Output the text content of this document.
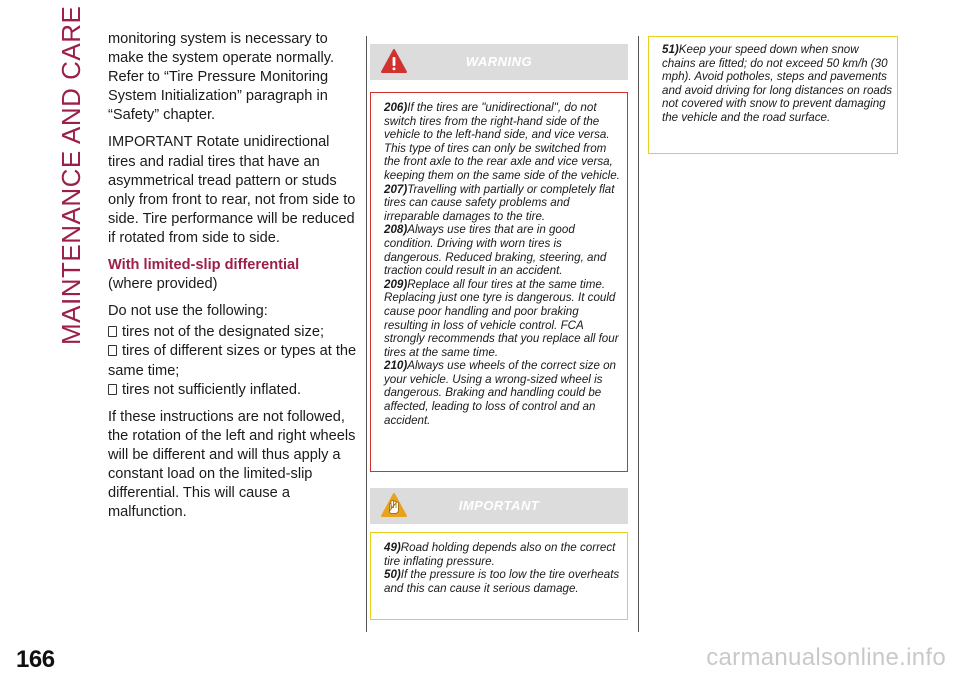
MAINTENANCE AND CARE monitoring system is necessary to make the system operate normally. Refer to “Tire Pressure Monitoring System Initialization” paragraph in “Safety” chapter.

IMPORTANT Rotate unidirectional tires and radial tires that have an asymmetrical tread pattern or studs only from front to rear, not from side to side. Tire performance will be reduced if rotated from side to side.

With limited-slip differential

(where provided)

Do not use the following:

tires not of the designated size;
tires of different sizes or types at the same time;
tires not sufficiently inflated.

If these instructions are not followed, the rotation of the left and right wheels will be different and will thus apply a constant load on the limited-slip differential. This will cause a malfunction.

WARNING

206)If the tires are "unidirectional", do not switch tires from the right-hand side of the vehicle to the left-hand side, and vice versa. This type of tires can only be switched from the front axle to the rear axle and vice versa, keeping them on the same side of the vehicle.

207)Travelling with partially or completely flat tires can cause safety problems and irreparable damages to the tire.

208)Always use tires that are in good condition. Driving with worn tires is dangerous. Reduced braking, steering, and traction could result in an accident.

209)Replace all four tires at the same time. Replacing just one tyre is dangerous. It could cause poor handling and poor braking resulting in loss of vehicle control. FCA strongly recommends that you replace all four tires at the same time.

210)Always use wheels of the correct size on your vehicle. Using a wrong-sized wheel is dangerous. Braking and handling could be affected, leading to loss of control and an accident.

IMPORTANT

49)Road holding depends also on the correct tire inflating pressure.

50)If the pressure is too low the tire overheats and this can cause it serious damage.

51)Keep your speed down when snow chains are fitted; do not exceed 50 km/h (30 mph). Avoid potholes, steps and pavements and avoid driving for long distances on roads not covered with snow to prevent damaging the vehicle and the road surface.

166	carmanualsonline.info
